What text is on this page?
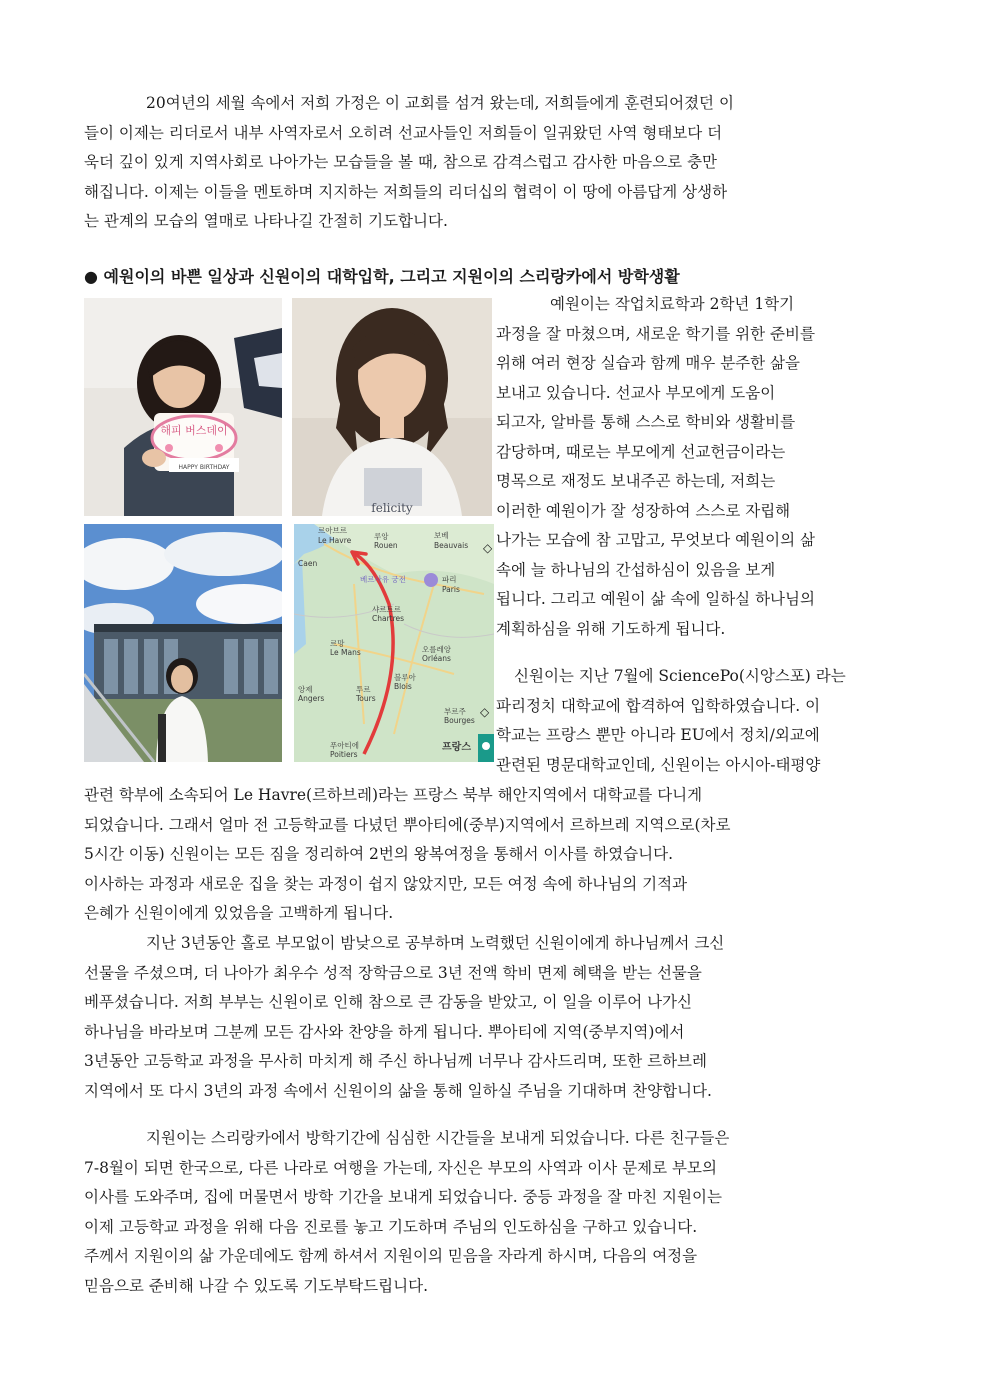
20여년의 세월 속에서 저희 가정은 이 교회를 섬겨 왔는데, 저희들에게 훈련되어졌던 이
들이 이제는 리더로서 내부 사역자로서 오히려 선교사들인 저희들이 일궈왔던 사역 형태보다 더
욱더 깊이 있게 지역사회로 나아가는 모습들을 볼 때, 참으로 감격스럽고 감사한 마음으로 충만
해집니다. 이제는 이들을 멘토하며 지지하는 저희들의 리더십의 협력이 이 땅에 아름답게 상생하
는 관계의 모습의 열매로 나타나길 간절히 기도합니다.
● 예원이의 바쁜 일상과 신원이의 대학입학, 그리고 지원이의 스리랑카에서 방학생활
해피 버스데이
HAPPY BIRTHDAY
felicity
르아브르
Le Havre	루앙
Rouen
Caen
보베
Beauvais
베르사유 궁전	파리
Paris
샤르트르
Chartres
르망
Le Mans	오를레앙
Orléans
투르
Tours
블루아
Blois
앙제
Angers
부르주
Bourges
푸아티에
Poitiers
프랑스
◇
◇
예원이는 작업치료학과 2학년 1학기
과정을 잘 마쳤으며, 새로운 학기를 위한 준비를
위해 여러 현장 실습과 함께 매우 분주한 삶을
보내고 있습니다. 선교사 부모에게 도움이
되고자, 알바를 통해 스스로 학비와 생활비를
감당하며, 때로는 부모에게 선교헌금이라는
명목으로 재정도 보내주곤 하는데, 저희는
이러한 예원이가 잘 성장하여 스스로 자립해
나가는 모습에 참 고맙고, 무엇보다 예원이의 삶
속에 늘 하나님의 간섭하심이 있음을 보게
됩니다. 그리고 예원이 삶 속에 일하실 하나님의
계획하심을 위해 기도하게 됩니다.
신원이는 지난 7월에 SciencePo(시앙스포) 라는
파리정치 대학교에 합격하여 입학하였습니다. 이
학교는 프랑스 뿐만 아니라 EU에서 정치/외교에
관련된 명문대학교인데, 신원이는 아시아-태평양
관련 학부에 소속되어 Le Havre(르하브레)라는 프랑스 북부 해안지역에서 대학교를 다니게
되었습니다. 그래서 얼마 전 고등학교를 다녔던 뿌아티에(중부)지역에서 르하브레 지역으로(차로
5시간 이동) 신원이는 모든 짐을 정리하여 2번의 왕복여정을 통해서 이사를 하였습니다.
이사하는 과정과 새로운 집을 찾는 과정이 쉽지 않았지만, 모든 여정 속에 하나님의 기적과
은혜가 신원이에게 있었음을 고백하게 됩니다.
지난 3년동안 홀로 부모없이 밤낮으로 공부하며 노력했던 신원이에게 하나님께서 크신
선물을 주셨으며, 더 나아가 최우수 성적 장학금으로 3년 전액 학비 면제 혜택을 받는 선물을
베푸셨습니다. 저희 부부는 신원이로 인해 참으로 큰 감동을 받았고, 이 일을 이루어 나가신
하나님을 바라보며 그분께 모든 감사와 찬양을 하게 됩니다. 뿌아티에 지역(중부지역)에서
3년동안 고등학교 과정을 무사히 마치게 해 주신 하나님께 너무나 감사드리며, 또한 르하브레
지역에서 또 다시 3년의 과정 속에서 신원이의 삶을 통해 일하실 주님을 기대하며 찬양합니다.
지원이는 스리랑카에서 방학기간에 심심한 시간들을 보내게 되었습니다. 다른 친구들은
7-8월이 되면 한국으로, 다른 나라로 여행을 가는데, 자신은 부모의 사역과 이사 문제로 부모의
이사를 도와주며, 집에 머물면서 방학 기간을 보내게 되었습니다. 중등 과정을 잘 마친 지원이는
이제 고등학교 과정을 위해 다음 진로를 놓고 기도하며 주님의 인도하심을 구하고 있습니다.
주께서 지원이의 삶 가운데에도 함께 하셔서 지원이의 믿음을 자라게 하시며, 다음의 여정을
믿음으로 준비해 나갈 수 있도록 기도부탁드립니다.
